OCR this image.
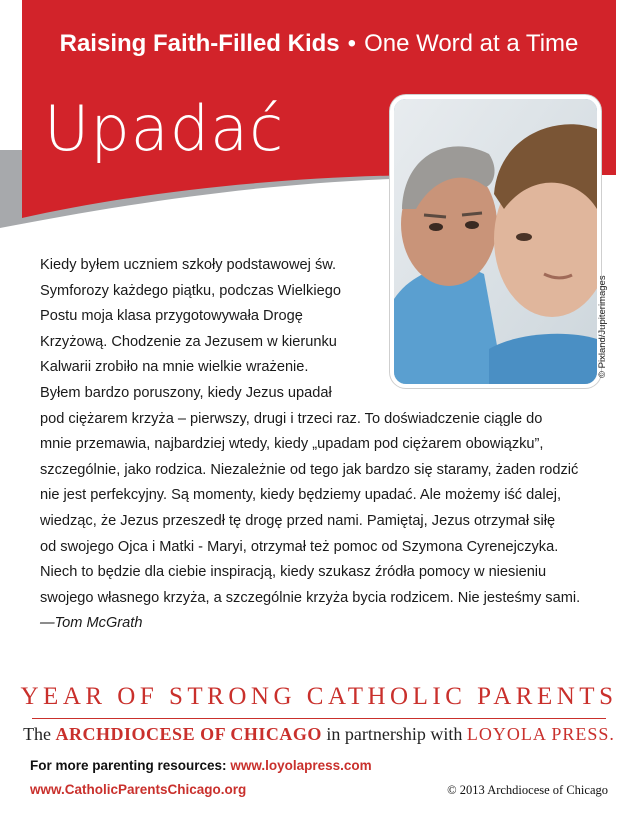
Raising Faith-Filled Kids • One Word at a Time
Upadać
© Pixland/Jupiterimages
Kiedy byłem uczniem szkoły podstawowej św.
Symforozy każdego piątku, podczas Wielkiego
Postu moja klasa przygotowywała Drogę
Krzyżową. Chodzenie za Jezusem w kierunku
Kalwarii zrobiło na mnie wielkie wrażenie.
Byłem bardzo poruszony, kiedy Jezus upadał
pod ciężarem krzyża – pierwszy, drugi i trzeci raz. To doświadczenie ciągle do
mnie przemawia, najbardziej wtedy, kiedy „upadam pod ciężarem obowiązku”,
szczególnie, jako rodzica. Niezależnie od tego jak bardzo się staramy, żaden rodzić
nie jest perfekcyjny. Są momenty, kiedy będziemy upadać. Ale możemy iść dalej,
wiedząc, że Jezus przeszedł tę drogę przed nami. Pamiętaj, Jezus otrzymał siłę
od swojego Ojca i Matki - Maryi, otrzymał też pomoc od Szymona Cyrenejczyka.
Niech to będzie dla ciebie inspiracją, kiedy szukasz źródła pomocy w niesieniu
swojego własnego krzyża, a szczególnie krzyża bycia rodzicem. Nie jesteśmy sami.
—Tom McGrath
YEAR OF STRONG CATHOLIC PARENTS
The ARCHDIOCESE OF CHICAGO in partnership with LOYOLA PRESS.
For more parenting resources: www.loyolapress.com
www.CatholicParentsChicago.org	© 2013 Archdiocese of Chicago
